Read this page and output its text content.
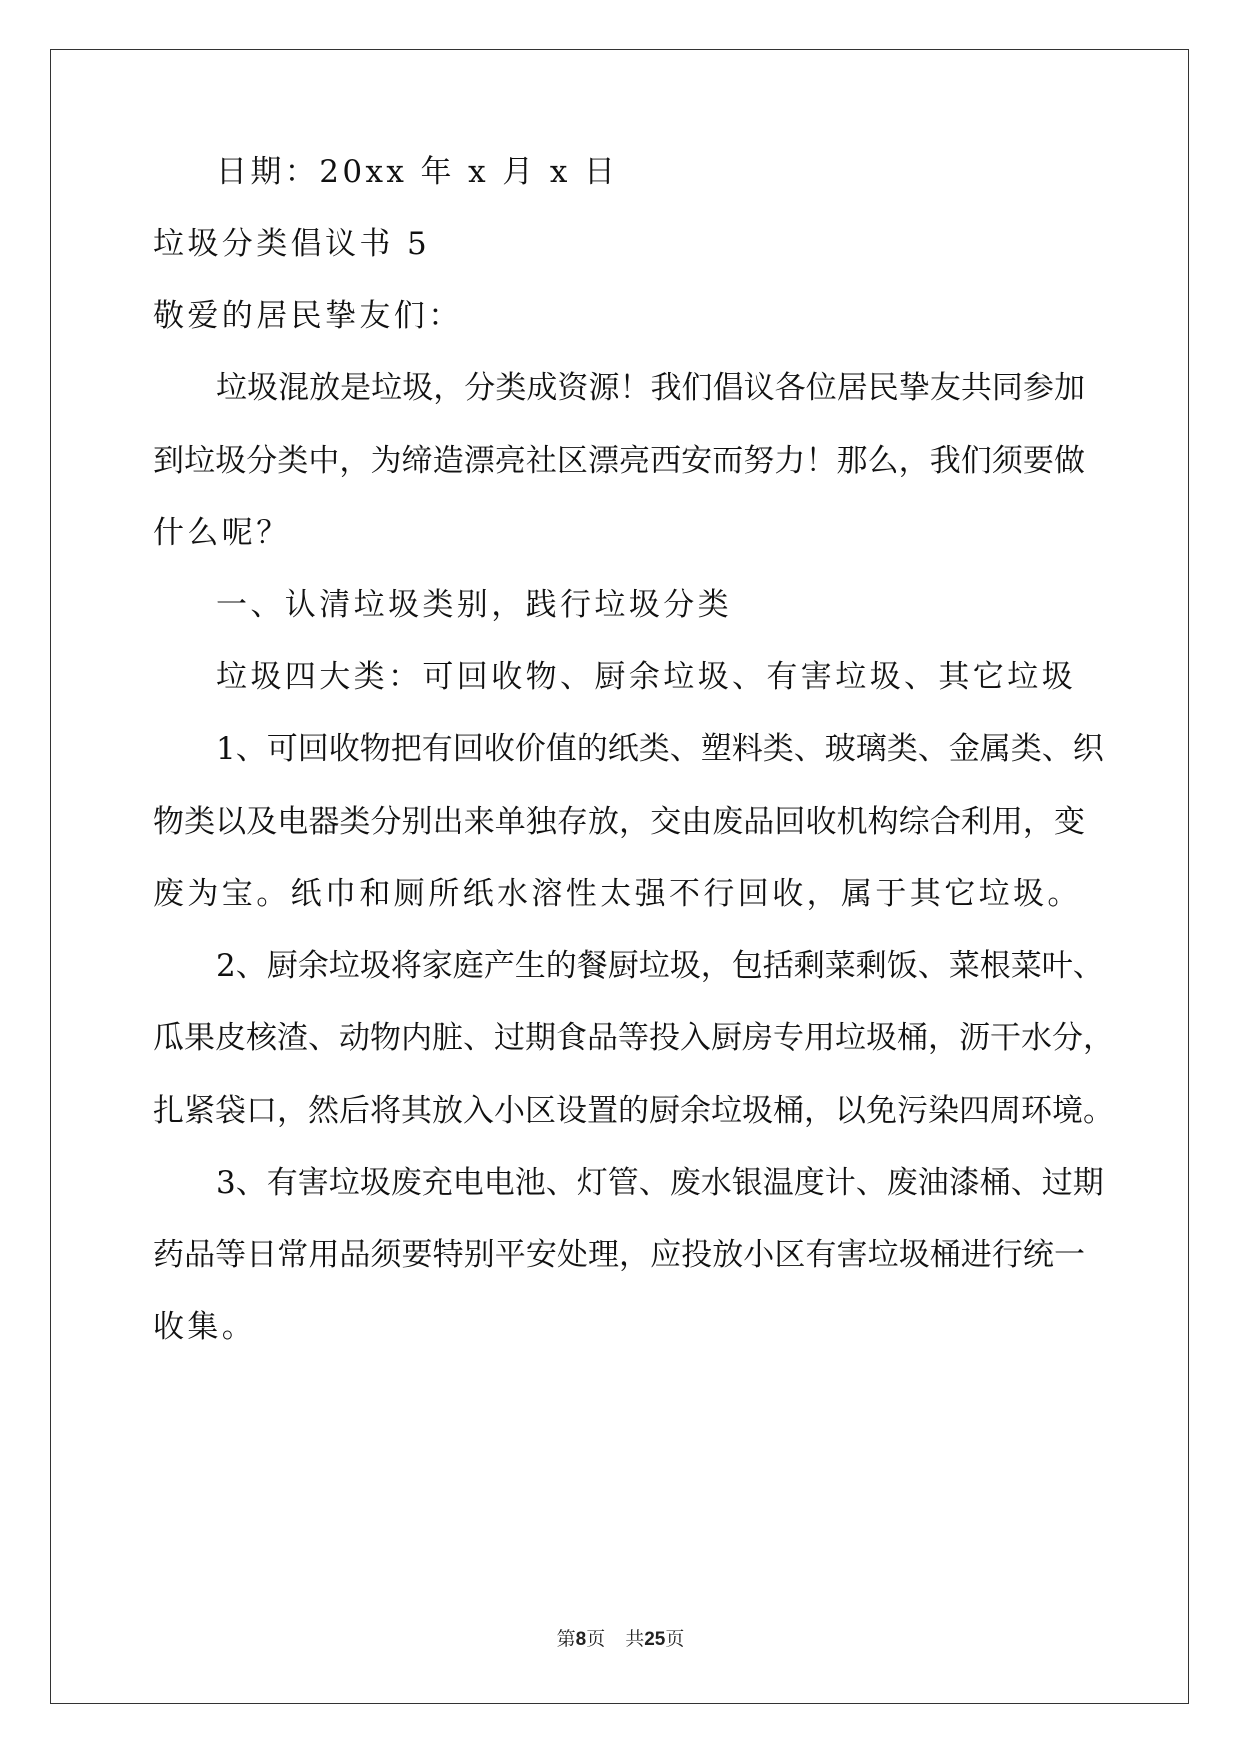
日期：20xx 年 x 月 x 日
垃圾分类倡议书 5
敬爱的居民挚友们：
垃圾混放是垃圾，分类成资源！我们倡议各位居民挚友共同参加
到垃圾分类中，为缔造漂亮社区漂亮西安而努力！那么，我们须要做
什么呢？
一、认清垃圾类别，践行垃圾分类
垃圾四大类：可回收物、厨余垃圾、有害垃圾、其它垃圾
1、可回收物把有回收价值的纸类、塑料类、玻璃类、金属类、织
物类以及电器类分别出来单独存放，交由废品回收机构综合利用，变
废为宝。纸巾和厕所纸水溶性太强不行回收，属于其它垃圾。
2、厨余垃圾将家庭产生的餐厨垃圾，包括剩菜剩饭、菜根菜叶、
瓜果皮核渣、动物内脏、过期食品等投入厨房专用垃圾桶，沥干水分，
扎紧袋口，然后将其放入小区设置的厨余垃圾桶，以免污染四周环境。
3、有害垃圾废充电电池、灯管、废水银温度计、废油漆桶、过期
药品等日常用品须要特别平安处理，应投放小区有害垃圾桶进行统一
收集。
第8页 共25页
